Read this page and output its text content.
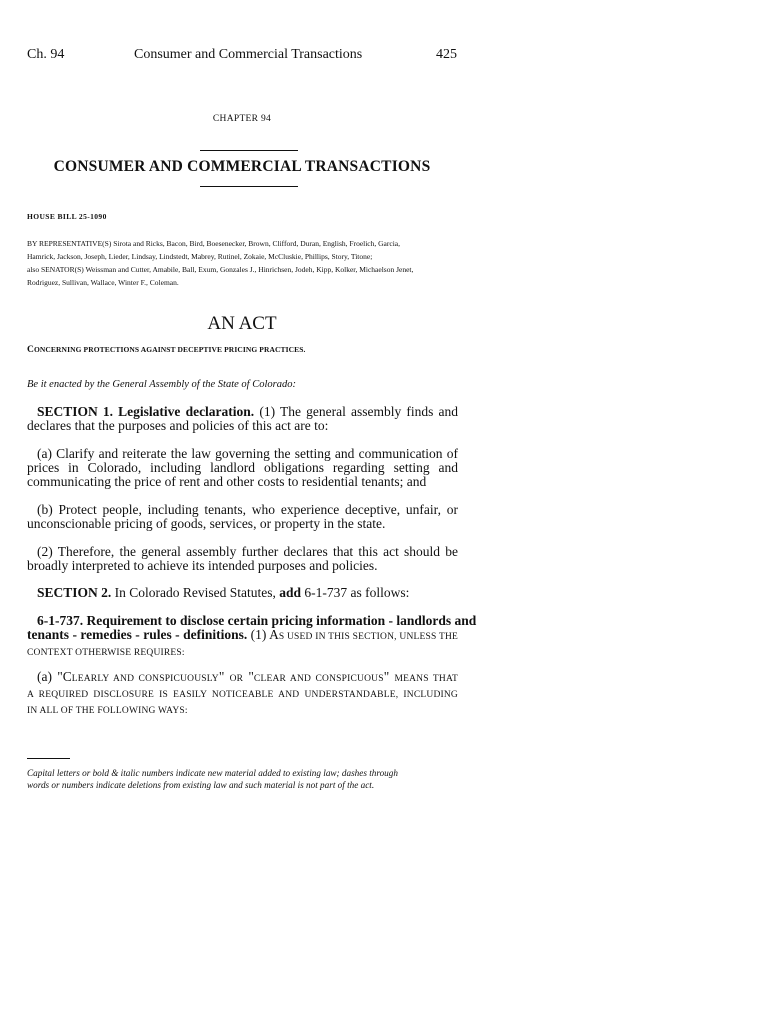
Ch. 94	Consumer and Commercial Transactions	425
CHAPTER 94
CONSUMER AND COMMERCIAL TRANSACTIONS
HOUSE BILL 25-1090
BY REPRESENTATIVE(S) Sirota and Ricks, Bacon, Bird, Boesenecker, Brown, Clifford, Duran, English, Froelich, Garcia,
Hamrick, Jackson, Joseph, Lieder, Lindsay, Lindstedt, Mabrey, Rutinel, Zokaie, McCluskie, Phillips, Story, Titone;
also SENATOR(S) Weissman and Cutter, Amabile, Ball, Exum, Gonzales J., Hinrichsen, Jodeh, Kipp, Kolker, Michaelson Jenet,
Rodriguez, Sullivan, Wallace, Winter F., Coleman.
AN ACT
CONCERNING PROTECTIONS AGAINST DECEPTIVE PRICING PRACTICES.
Be it enacted by the General Assembly of the State of Colorado:
SECTION 1. Legislative declaration. (1) The general assembly finds and
declares that the purposes and policies of this act are to:
(a) Clarify and reiterate the law governing the setting and communication of
prices in Colorado, including landlord obligations regarding setting and
communicating the price of rent and other costs to residential tenants; and
(b) Protect people, including tenants, who experience deceptive, unfair, or
unconscionable pricing of goods, services, or property in the state.
(2) Therefore, the general assembly further declares that this act should be
broadly interpreted to achieve its intended purposes and policies.
SECTION 2. In Colorado Revised Statutes, add 6-1-737 as follows:
6-1-737. Requirement to disclose certain pricing information - landlords and
tenants - remedies - rules - definitions. (1) AS USED IN THIS SECTION, UNLESS THE
CONTEXT OTHERWISE REQUIRES:
(a) "CLEARLY AND CONSPICUOUSLY" OR "CLEAR AND CONSPICUOUS" MEANS THAT
A REQUIRED DISCLOSURE IS EASILY NOTICEABLE AND UNDERSTANDABLE, INCLUDING
IN ALL OF THE FOLLOWING WAYS:
Capital letters or bold & italic numbers indicate new material added to existing law; dashes through
words or numbers indicate deletions from existing law and such material is not part of the act.
